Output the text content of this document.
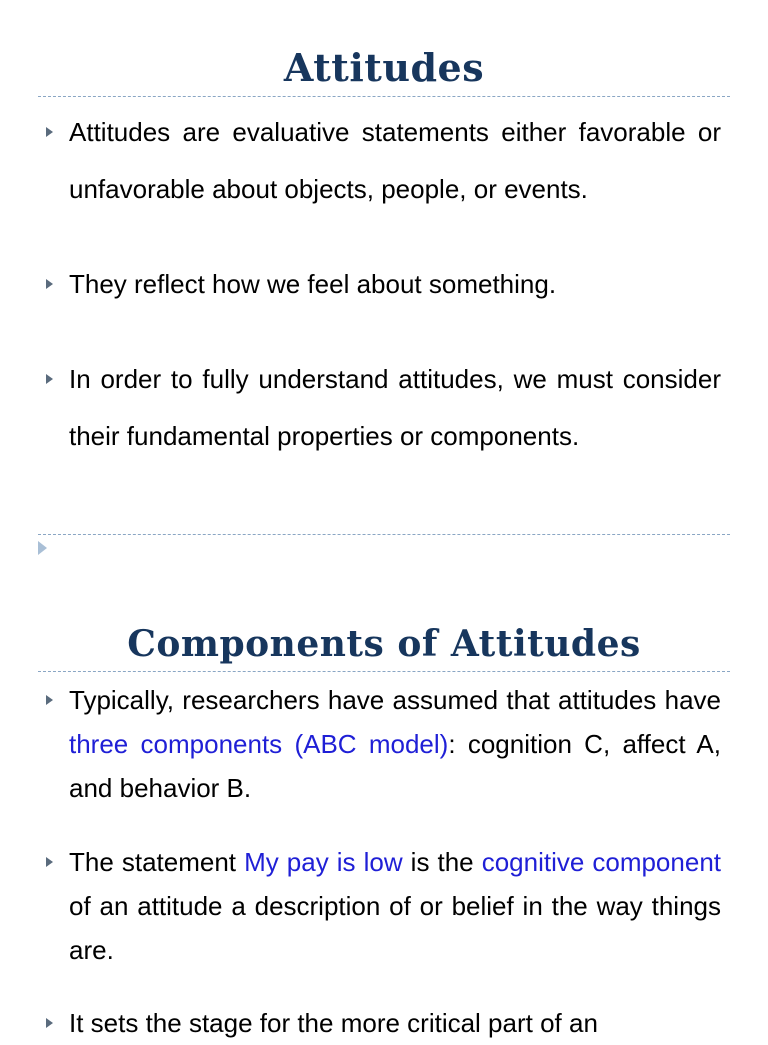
Attitudes

Attitudes are evaluative statements either favorable or unfavorable about objects, people, or events.

They reflect how we feel about something.

In order to fully understand attitudes, we must consider their fundamental properties or components.

Components of Attitudes

Typically, researchers have assumed that attitudes have three components (ABC model): cognition C, affect A, and behavior B.

The statement My pay is low is the cognitive component of an attitude a description of or belief in the way things are.

It sets the stage for the more critical part of an
